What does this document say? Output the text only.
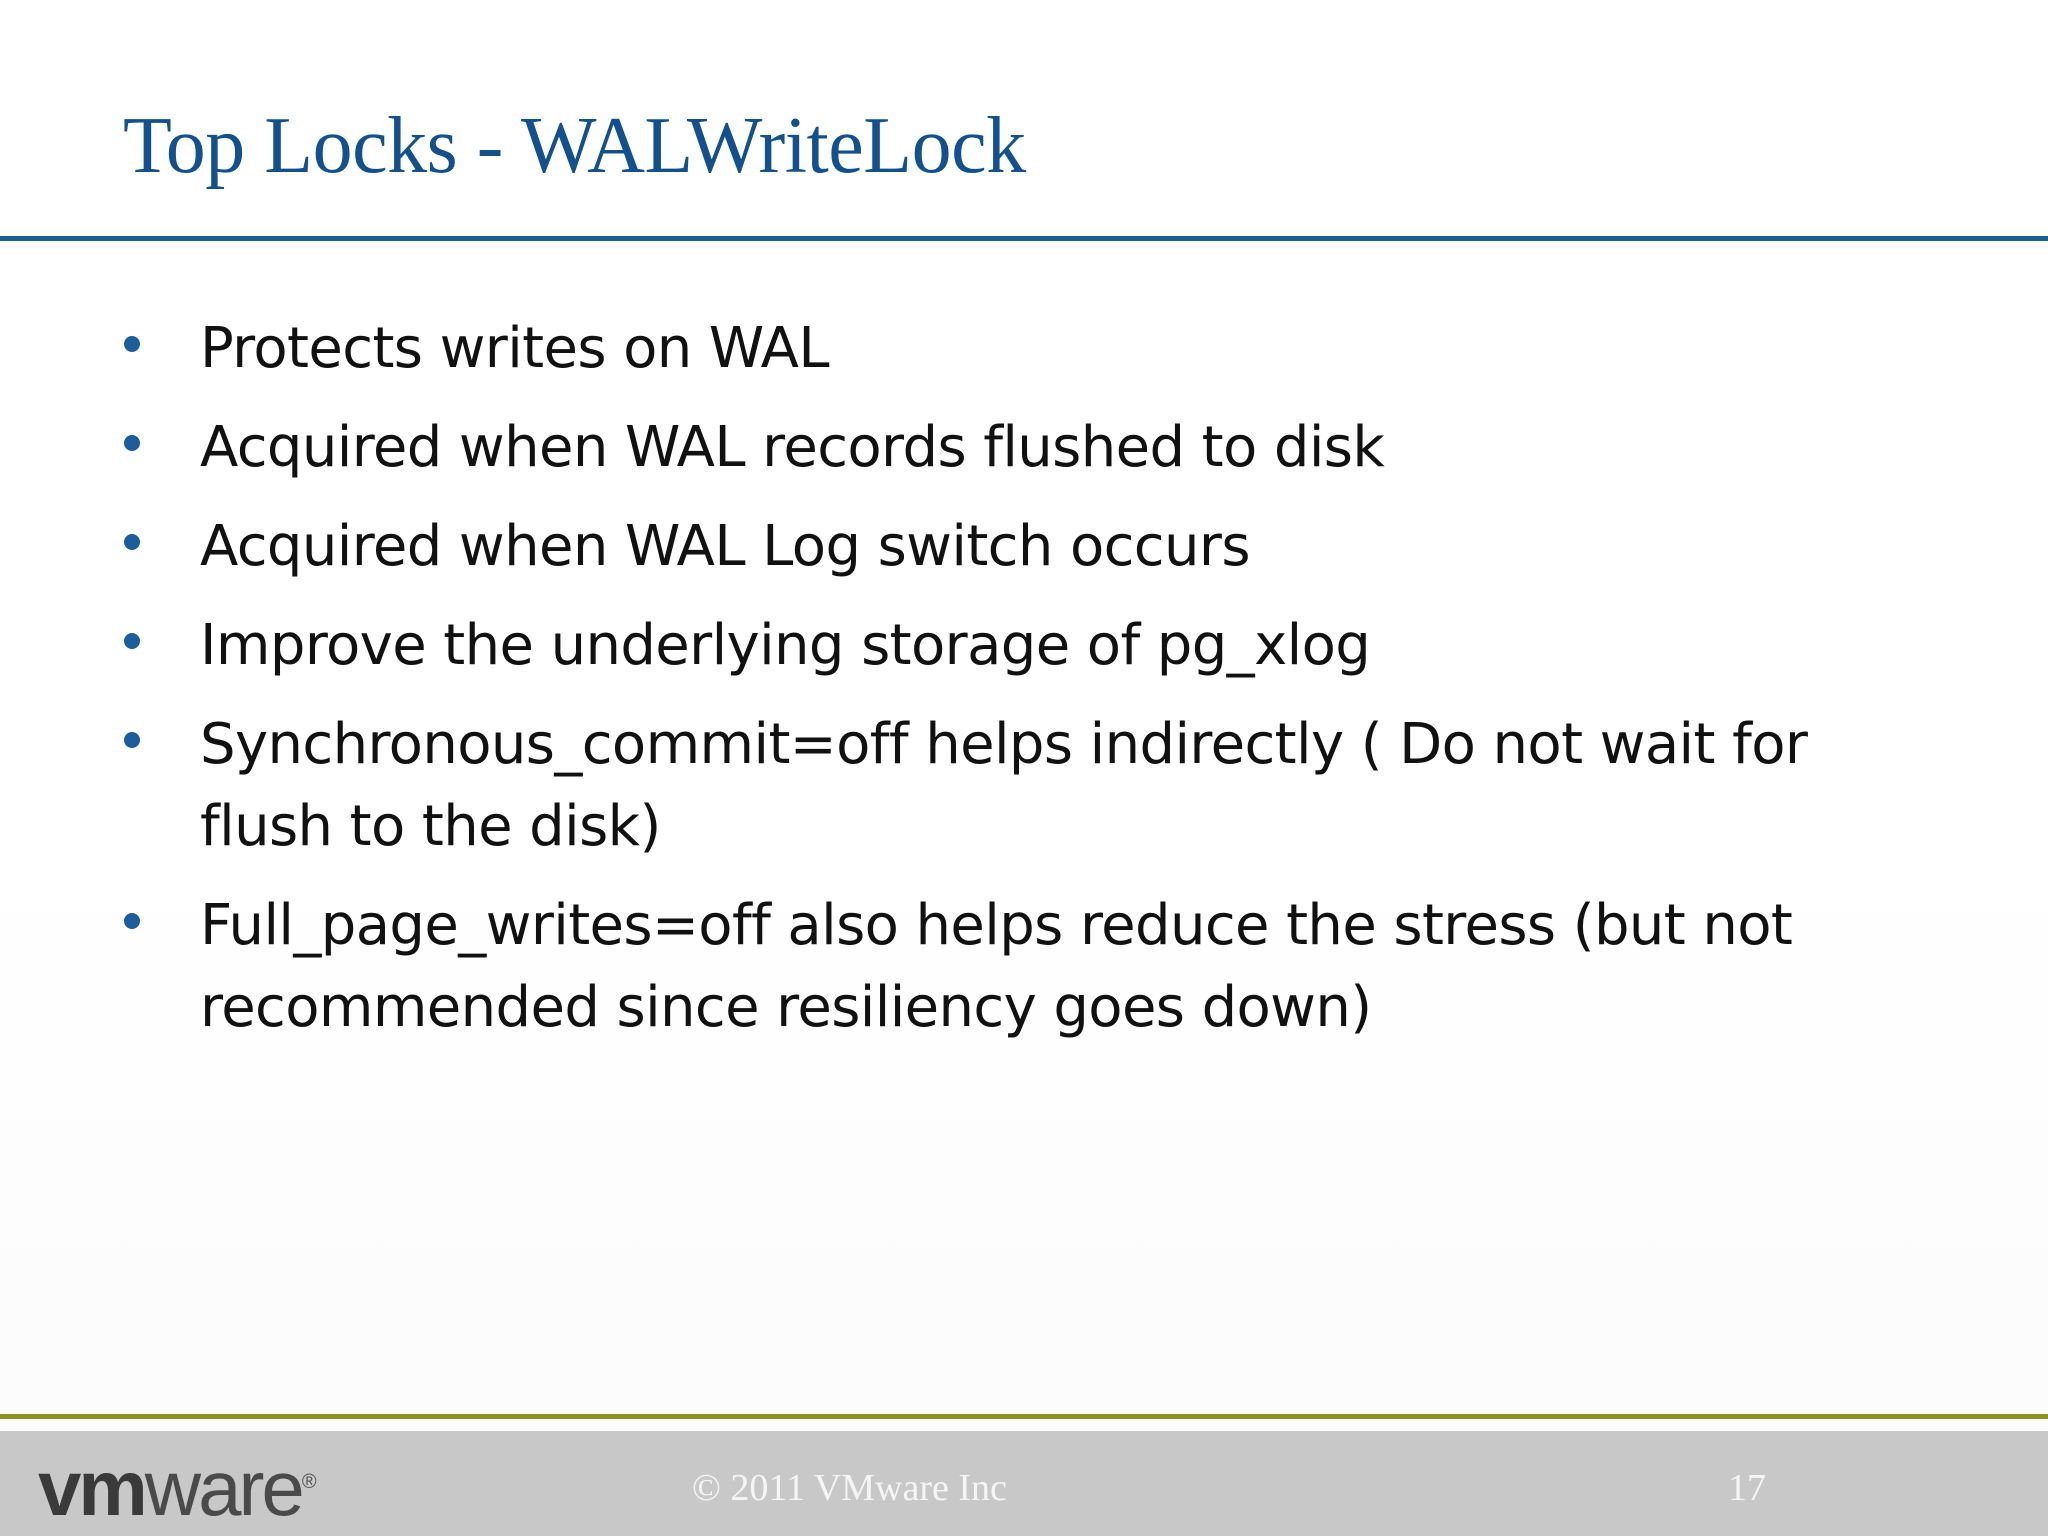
Top Locks - WALWriteLock
Protects writes on WAL
Acquired when WAL records flushed to disk
Acquired when WAL Log switch occurs
Improve the underlying storage of pg_xlog
Synchronous_commit=off helps indirectly ( Do not wait for flush to the disk)
Full_page_writes=off also helps reduce the stress (but not recommended since resiliency goes down)
vmware®	© 2011 VMware Inc	17
